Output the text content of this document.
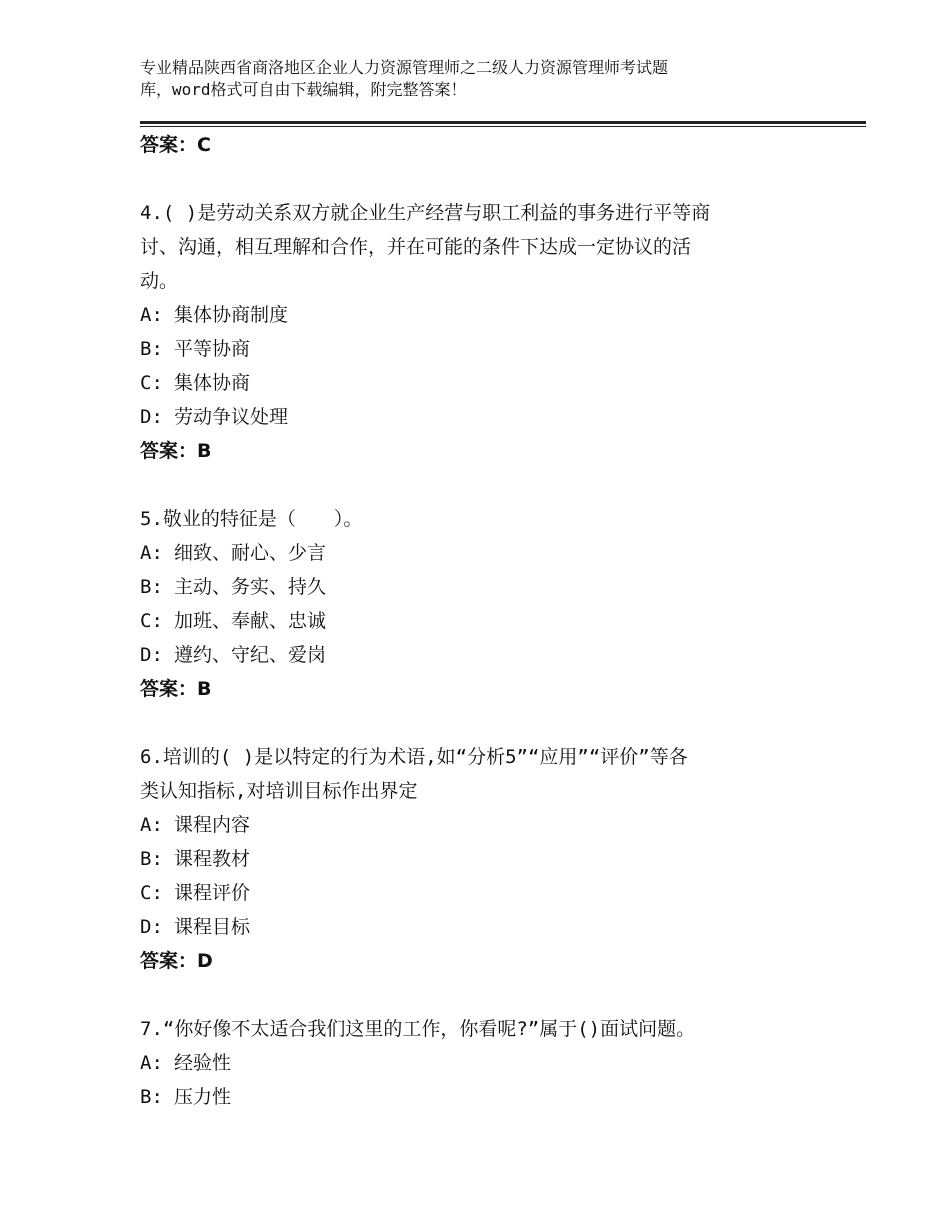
专业精品陕西省商洛地区企业人力资源管理师之二级人力资源管理师考试题
库，word格式可自由下载编辑，附完整答案！
答案：C
4.( )是劳动关系双方就企业生产经营与职工利益的事务进行平等商
讨、沟通，相互理解和合作，并在可能的条件下达成一定协议的活
动。
A: 集体协商制度
B: 平等协商
C: 集体协商
D: 劳动争议处理
答案：B
5.敬业的特征是（　　）。
A: 细致、耐心、少言
B: 主动、务实、持久
C: 加班、奉献、忠诚
D: 遵约、守纪、爱岗
答案：B
6.培训的( )是以特定的行为术语,如“分析5”“应用”“评价”等各
类认知指标,对培训目标作出界定
A: 课程内容
B: 课程教材
C: 课程评价
D: 课程目标
答案：D
7.“你好像不太适合我们这里的工作，你看呢?”属于()面试问题。
A: 经验性
B: 压力性
